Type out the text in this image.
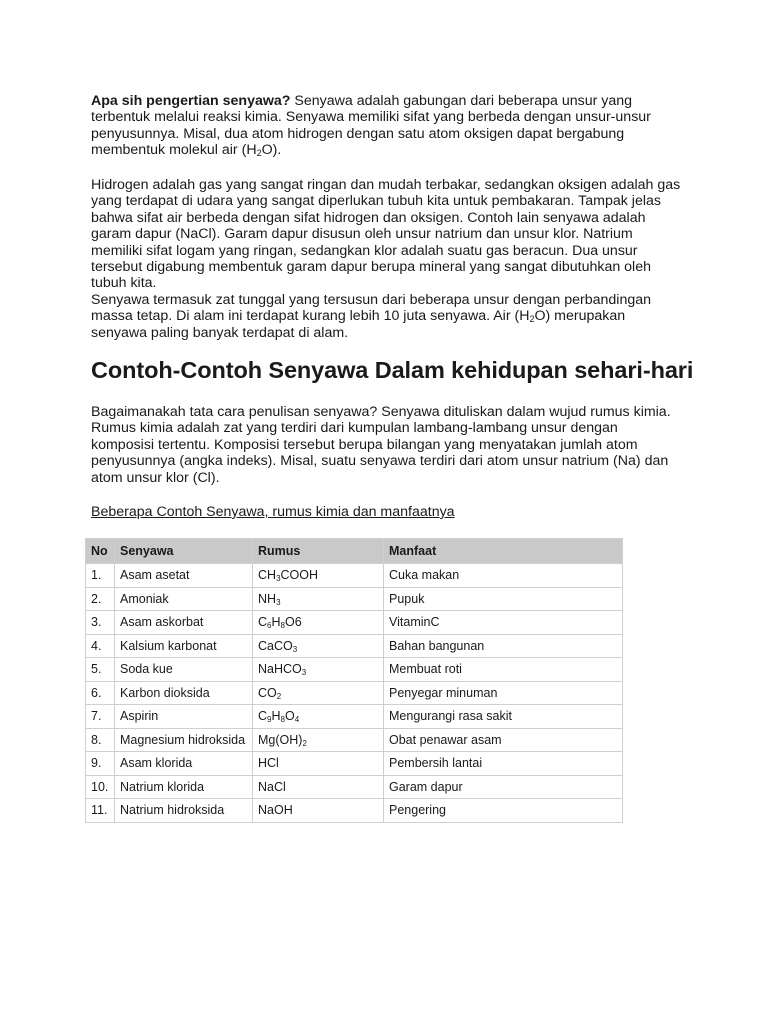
Apa sih pengertian senyawa? Senyawa adalah gabungan dari beberapa unsur yang terbentuk melalui reaksi kimia. Senyawa memiliki sifat yang berbeda dengan unsur-unsur penyusunnya. Misal, dua atom hidrogen dengan satu atom oksigen dapat bergabung membentuk molekul air $(H_2O)$.

Hidrogen adalah gas yang sangat ringan dan mudah terbakar, sedangkan oksigen adalah gas yang terdapat di udara yang sangat diperlukan tubuh kita untuk pembakaran. Tampak jelas bahwa sifat air berbeda dengan sifat hidrogen dan oksigen. Contoh lain senyawa adalah garam dapur (NaCl). Garam dapur disusun oleh unsur natrium dan unsur klor. Natrium memiliki sifat logam yang ringan, sedangkan klor adalah suatu gas beracun. Dua unsur tersebut digabung membentuk garam dapur berupa mineral yang sangat dibutuhkan oleh tubuh kita.

Senyawa termasuk zat tunggal yang tersusun dari beberapa unsur dengan perbandingan massa tetap. Di alam ini terdapat kurang lebih 10 juta senyawa. Air $(H_2O)$ merupakan senyawa paling banyak terdapat di alam.

Contoh-Contoh Senyawa Dalam kehidupan sehari-hari

Bagaimanakah tata cara penulisan senyawa? Senyawa dituliskan dalam wujud rumus kimia. Rumus kimia adalah zat yang terdiri dari kumpulan lambang-lambang unsur dengan komposisi tertentu. Komposisi tersebut berupa bilangan yang menyatakan jumlah atom penyusunnya (angka indeks). Misal, suatu senyawa terdiri dari atom unsur natrium (Na) dan atom unsur klor (Cl).

Beberapa Contoh Senyawa, rumus kimia dan manfaatnya

No	Senyawa	Rumus	Manfaat
1.	Asam asetat	$CH_3COOH$	Cuka makan
2.	Amoniak	$NH_3$	Pupuk
3.	Asam askorbat	$C_6H_8O6$	VitaminC
4.	Kalsium karbonat	CaCO$_3$	Bahan bangunan
5.	Soda kue	NaHCO$_3$	Membuat roti
6.	Karbon dioksida	$CO_2$	Penyegar minuman
7.	Aspirin	$C_9H_8O_4$	Mengurangi rasa sakit
8.	Magnesium hidroksida	$Mg(OH)_2$	Obat penawar asam
9.	Asam klorida	HCl	Pembersih lantai
10.	Natrium klorida	NaCl	Garam dapur
11.	Natrium hidroksida	NaOH	Pengering
